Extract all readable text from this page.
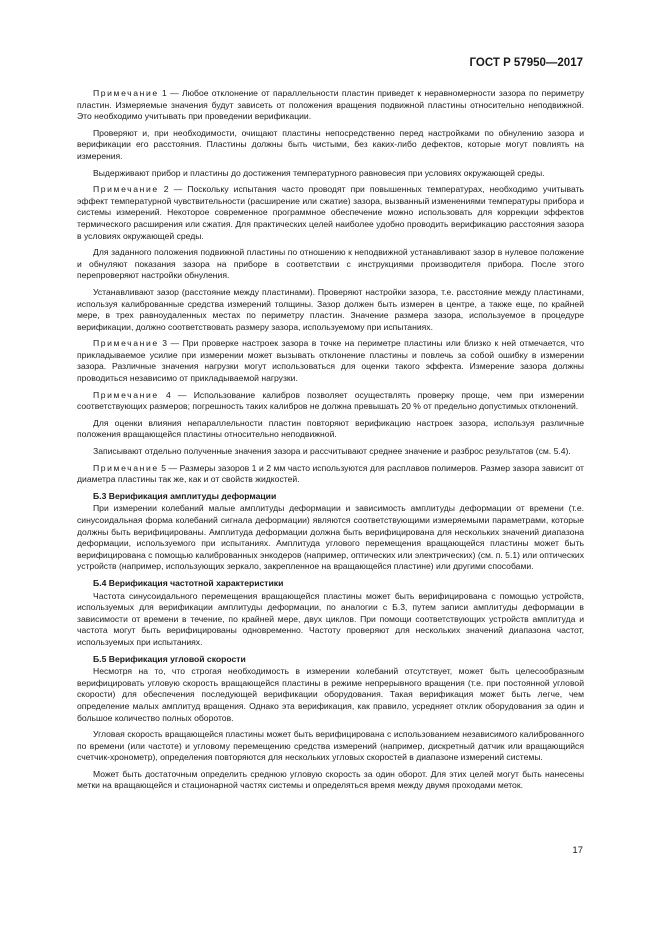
ГОСТ Р 57950—2017
Примечание 1 — Любое отклонение от параллельности пластин приведет к неравномерности зазора по периметру пластин. Измеряемые значения будут зависеть от положения вращения подвижной пластины относительно неподвижной. Это необходимо учитывать при проведении верификации.
Проверяют и, при необходимости, очищают пластины непосредственно перед настройками по обнулению зазора и верификации его расстояния. Пластины должны быть чистыми, без каких-либо дефектов, которые могут повлиять на измерения.
Выдерживают прибор и пластины до достижения температурного равновесия при условиях окружающей среды.
Примечание 2 — Поскольку испытания часто проводят при повышенных температурах, необходимо учитывать эффект температурной чувствительности (расширение или сжатие) зазора, вызванный изменениями температуры прибора и системы измерений. Некоторое современное программное обеспечение можно использовать для коррекции эффектов термического расширения или сжатия. Для практических целей наиболее удобно проводить верификацию расстояния зазора в условиях окружающей среды.
Для заданного положения подвижной пластины по отношению к неподвижной устанавливают зазор в нулевое положение и обнуляют показания зазора на приборе в соответствии с инструкциями производителя прибора. После этого перепроверяют настройки обнуления.
Устанавливают зазор (расстояние между пластинами). Проверяют настройки зазора, т.е. расстояние между пластинами, используя калиброванные средства измерений толщины. Зазор должен быть измерен в центре, а также еще, по крайней мере, в трех равноудаленных местах по периметру пластин. Значение размера зазора, используемое в процедуре верификации, должно соответствовать размеру зазора, используемому при испытаниях.
Примечание 3 — При проверке настроек зазора в точке на периметре пластины или близко к ней отмечается, что прикладываемое усилие при измерении может вызывать отклонение пластины и повлечь за собой ошибку в измерении зазора. Различные значения нагрузки могут использоваться для оценки такого эффекта. Измерение зазора должны проводиться независимо от прикладываемой нагрузки.
Примечание 4 — Использование калибров позволяет осуществлять проверку проще, чем при измерении соответствующих размеров; погрешность таких калибров не должна превышать 20 % от предельно допустимых отклонений.
Для оценки влияния непараллельности пластин повторяют верификацию настроек зазора, используя различные положения вращающейся пластины относительно неподвижной.
Записывают отдельно полученные значения зазора и рассчитывают среднее значение и разброс результатов (см. 5.4).
Примечание 5 — Размеры зазоров 1 и 2 мм часто используются для расплавов полимеров. Размер зазора зависит от диаметра пластины так же, как и от свойств жидкостей.
Б.3 Верификация амплитуды деформации
При измерении колебаний малые амплитуды деформации и зависимость амплитуды деформации от времени (т.е. синусоидальная форма колебаний сигнала деформации) являются соответствующими измеряемыми параметрами, которые должны быть верифицированы. Амплитуда деформации должна быть верифицирована для нескольких значений диапазона деформации, используемого при испытаниях. Амплитуда углового перемещения вращающейся пластины может быть верифицирована с помощью калиброванных энкодеров (например, оптических или электрических) (см. п. 5.1) или оптических устройств (например, использующих зеркало, закрепленное на вращающейся пластине) или другими способами.
Б.4 Верификация частотной характеристики
Частота синусоидального перемещения вращающейся пластины может быть верифицирована с помощью устройств, используемых для верификации амплитуды деформации, по аналогии с Б.3, путем записи амплитуды деформации в зависимости от времени в течение, по крайней мере, двух циклов. При помощи соответствующих устройств амплитуда и частота могут быть верифицированы одновременно. Частоту проверяют для нескольких значений диапазона частот, используемых при испытаниях.
Б.5 Верификация угловой скорости
Несмотря на то, что строгая необходимость в измерении колебаний отсутствует, может быть целесообразным верифицировать угловую скорость вращающейся пластины в режиме непрерывного вращения (т.е. при постоянной угловой скорости) для обеспечения последующей верификации оборудования. Такая верификация может быть легче, чем определение малых амплитуд вращения. Однако эта верификация, как правило, усредняет отклик оборудования за один и большое количество полных оборотов.
Угловая скорость вращающейся пластины может быть верифицирована с использованием независимого калиброванного по времени (или частоте) и угловому перемещению средства измерений (например, дискретный датчик или вращающийся счетчик-хронометр), определения повторяются для нескольких угловых скоростей в диапазоне измерений системы.
Может быть достаточным определить среднюю угловую скорость за один оборот. Для этих целей могут быть нанесены метки на вращающейся и стационарной частях системы и определяться время между двумя проходами меток.
17
